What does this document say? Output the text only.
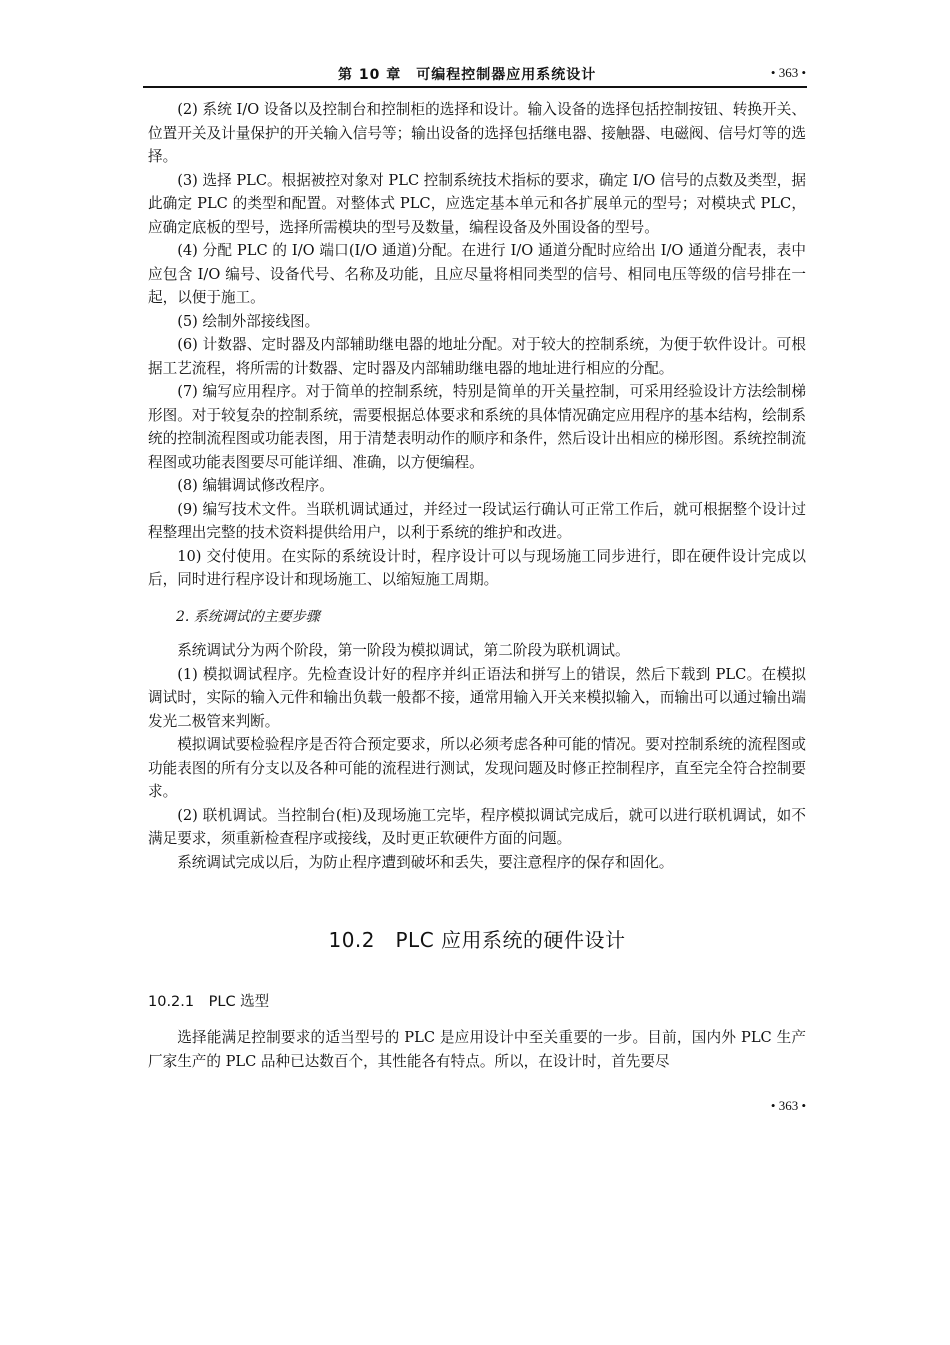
第 10 章　可编程控制器应用系统设计	• 363 •

(2) 系统 I/O 设备以及控制台和控制柜的选择和设计。输入设备的选择包括控制按钮、转换开关、位置开关及计量保护的开关输入信号等；输出设备的选择包括继电器、接触器、电磁阀、信号灯等的选择。

(3) 选择 PLC。根据被控对象对 PLC 控制系统技术指标的要求，确定 I/O 信号的点数及类型，据此确定 PLC 的类型和配置。对整体式 PLC，应选定基本单元和各扩展单元的型号；对模块式 PLC，应确定底板的型号，选择所需模块的型号及数量，编程设备及外围设备的型号。

(4) 分配 PLC 的 I/O 端口(I/O 通道)分配。在进行 I/O 通道分配时应给出 I/O 通道分配表，表中应包含 I/O 编号、设备代号、名称及功能，且应尽量将相同类型的信号、相同电压等级的信号排在一起，以便于施工。

(5) 绘制外部接线图。

(6) 计数器、定时器及内部辅助继电器的地址分配。对于较大的控制系统，为便于软件设计。可根据工艺流程，将所需的计数器、定时器及内部辅助继电器的地址进行相应的分配。

(7) 编写应用程序。对于简单的控制系统，特别是简单的开关量控制，可采用经验设计方法绘制梯形图。对于较复杂的控制系统，需要根据总体要求和系统的具体情况确定应用程序的基本结构，绘制系统的控制流程图或功能表图，用于清楚表明动作的顺序和条件，然后设计出相应的梯形图。系统控制流程图或功能表图要尽可能详细、准确，以方便编程。

(8) 编辑调试修改程序。

(9) 编写技术文件。当联机调试通过，并经过一段试运行确认可正常工作后，就可根据整个设计过程整理出完整的技术资料提供给用户，以利于系统的维护和改进。

10) 交付使用。在实际的系统设计时，程序设计可以与现场施工同步进行，即在硬件设计完成以后，同时进行程序设计和现场施工、以缩短施工周期。

2. 系统调试的主要步骤

系统调试分为两个阶段，第一阶段为模拟调试，第二阶段为联机调试。

(1) 模拟调试程序。先检查设计好的程序并纠正语法和拼写上的错误，然后下载到 PLC。在模拟调试时，实际的输入元件和输出负载一般都不接，通常用输入开关来模拟输入，而输出可以通过输出端发光二极管来判断。

模拟调试要检验程序是否符合预定要求，所以必须考虑各种可能的情况。要对控制系统的流程图或功能表图的所有分支以及各种可能的流程进行测试，发现问题及时修正控制程序，直至完全符合控制要求。

(2) 联机调试。当控制台(柜)及现场施工完毕，程序模拟调试完成后，就可以进行联机调试，如不满足要求，须重新检查程序或接线，及时更正软硬件方面的问题。

系统调试完成以后，为防止程序遭到破坏和丢失，要注意程序的保存和固化。

10.2　PLC 应用系统的硬件设计
10.2.1　PLC 选型

选择能满足控制要求的适当型号的 PLC 是应用设计中至关重要的一步。目前，国内外 PLC 生产厂家生产的 PLC 品种已达数百个，其性能各有特点。所以，在设计时，首先要尽

• 363 •
